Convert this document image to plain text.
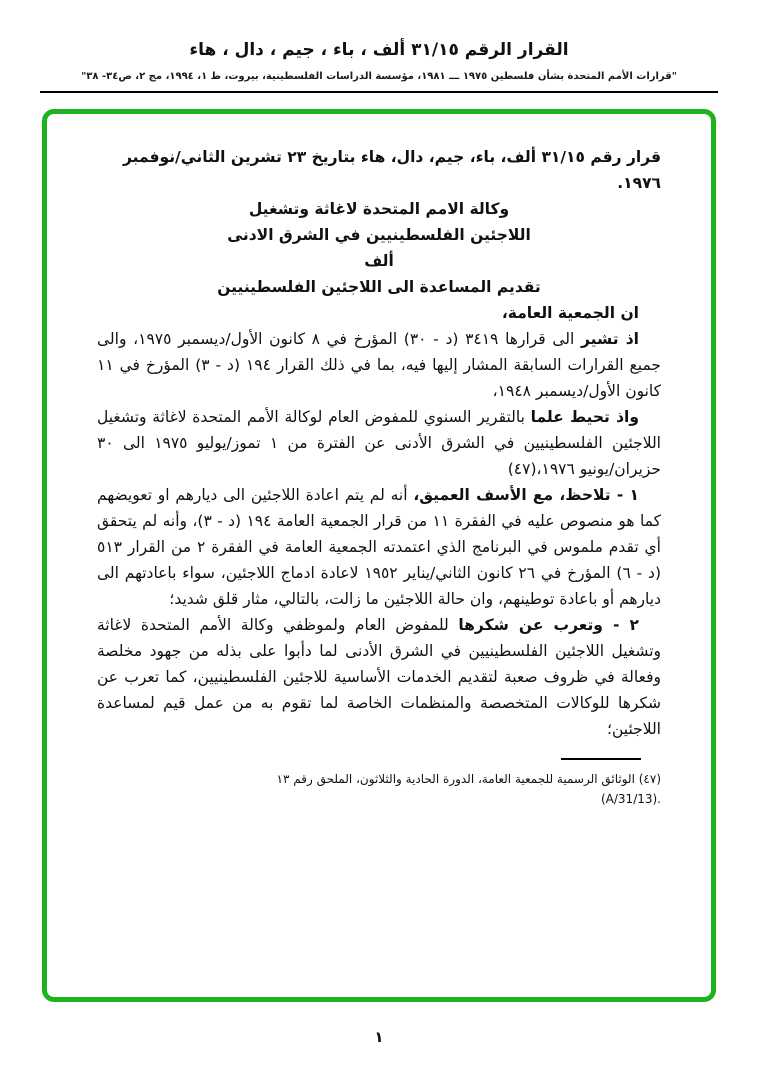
القرار الرقم ٣١/١٥ ألف ، باء ، جيم ، دال ، هاء
"قرارات الأمم المتحدة بشأن فلسطين ١٩٧٥ ـــ ١٩٨١، مؤسسة الدراسات الفلسطينية، بيروت، ط ١، ١٩٩٤، مج ٢، ص٣٤- ٣٨"

قرار رقم ٣١/١٥ ألف، باء، جيم، دال، هاء بتاريخ ٢٣ تشرين الثاني/نوفمبر ١٩٧٦.

وكالة الامم المتحدة لاغاثة وتشغيل

اللاجئين الفلسطينيين في الشرق الادنى

ألف

تقديم المساعدة الى اللاجئين الفلسطينيين

ان الجمعية العامة،

اذ تشير الى قرارها ٣٤١٩ (د - ٣٠) المؤرخ في ٨ كانون الأول/ديسمبر ١٩٧٥، والى جميع القرارات السابقة المشار إليها فيه، بما في ذلك القرار ١٩٤ (د - ٣) المؤرخ في ١١ كانون الأول/ديسمبر ١٩٤٨،

واذ تحيط علما بالتقرير السنوي للمفوض العام لوكالة الأمم المتحدة لاغاثة وتشغيل اللاجئين الفلسطينيين في الشرق الأدنى عن الفترة من ١ تموز/يوليو ١٩٧٥ الى ٣٠ حزيران/يونيو ١٩٧٦،(٤٧)

١ - تلاحظ، مع الأسف العميق، أنه لم يتم اعادة اللاجئين الى ديارهم او تعويضهم كما هو منصوص عليه في الفقرة ١١ من قرار الجمعية العامة ١٩٤ (د - ٣)، وأنه لم يتحقق أي تقدم ملموس في البرنامج الذي اعتمدته الجمعية العامة في الفقرة ٢ من القرار ٥١٣ (د - ٦) المؤرخ في ٢٦ كانون الثاني/يناير ١٩٥٢ لاعادة ادماج اللاجئين، سواء باعادتهم الى ديارهم أو باعادة توطينهم، وان حالة اللاجئين ما زالت، بالتالي، مثار قلق شديد؛

٢ - وتعرب عن شكرها للمفوض العام ولموظفي وكالة الأمم المتحدة لاغاثة وتشغيل اللاجئين الفلسطينيين في الشرق الأدنى لما دأبوا على بذله من جهود مخلصة وفعالة في ظروف صعبة لتقديم الخدمات الأساسية للاجئين الفلسطينيين، كما تعرب عن شكرها للوكالات المتخصصة والمنظمات الخاصة لما تقوم به من عمل قيم لمساعدة اللاجئين؛

(٤٧) الوثائق الرسمية للجمعية العامة، الدورة الحادية والثلاثون، الملحق رقم ١٣
(A/31/13).
١
